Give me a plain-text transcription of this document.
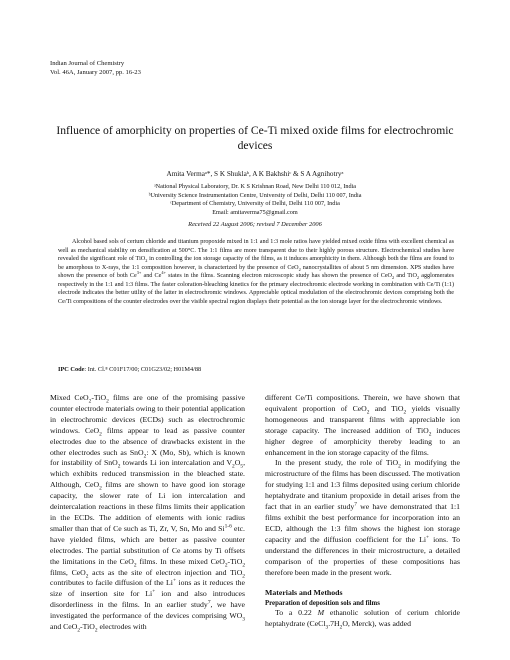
Indian Journal of Chemistry
Vol. 46A, January 2007, pp. 16-23
Influence of amorphicity on properties of Ce-Ti mixed oxide films for electrochromic devices
Amita Vermaᵃ*, S K Shuklaᵇ, A K Bakhshiᶜ & S A Agnihotryᵃ
ᵃNational Physical Laboratory, Dr. K S Krishnan Road, New Delhi 110 012, India
ᵇUniversity Science Instrumentation Centre, University of Delhi, Delhi 110 007, India
ᶜDepartment of Chemistry, University of Delhi, Delhi 110 007, India
Email: amitaverma75@gmail.com
Received 22 August 2006; revised 7 December 2006

Alcohol based sols of cerium chloride and titanium propoxide mixed in 1:1 and 1:3 mole ratios have yielded mixed oxide films with excellent chemical as well as mechanical stability on densification at 500°C. The 1:1 films are more transparent due to their highly porous structure. Electrochemical studies have revealed the significant role of TiO$_2$ in controlling the ion storage capacity of the films, as it induces amorphicity in them. Although both the films are found to be amorphous to X-rays, the 1:1 composition however, is characterized by the presence of CeO$_2$ nanocrystallites of about 5 nm dimension. XPS studies have shown the presence of both $Ce^{3+}$ and $Ce^{4+}$ states in the films. Scanning electron microscopic study has shown the presence of CeO$_2$ and TiO$_2$ agglomerates respectively in the 1:1 and 1:3 films. The faster coloration-bleaching kinetics for the primary electrochromic electrode working in combination with Ce/Ti (1:1) electrode indicates the better utility of the latter in electrochromic windows. Appreciable optical modulation of the electrochromic devices comprising both the Ce/Ti compositions of the counter electrodes over the visible spectral region displays their potential as the ion storage layer for the electrochromic windows.

IPC Code: Int. Cl.⁸ C01F17/00; C01G23/02; H01M4/88

Mixed CeO$_2$-TiO$_2$ films are one of the promising passive counter electrode materials owing to their potential application in electrochromic devices (ECDs) such as electrochromic windows. CeO$_2$ films appear to lead as passive counter electrodes due to the absence of drawbacks existent in the other electrodes such as SnO$_2$: X (Mo, Sb), which is known for instability of SnO$_2$ towards Li ion intercalation and $V_2O_5$, which exhibits reduced transmission in the bleached state. Although, CeO$_2$ films are shown to have good ion storage capacity, the slower rate of Li ion intercalation and deintercalation reactions in these films limits their application in the ECDs. The addition of elements with ionic radius smaller than that of Ce such as Ti, Zr, V, Sn, Mo and Si$^{1-6}$ etc. have yielded films, which are better as passive counter electrodes. The partial substitution of Ce atoms by Ti offsets the limitations in the CeO$_2$ films. In these mixed CeO$_2$-TiO$_2$ films, CeO$_2$ acts as the site of electron injection and TiO$_2$ contributes to facile diffusion of the Li+ ions as it reduces the size of insertion site for Li+ ion and also introduces disorderliness in the films. In an earlier study$^7$, we have investigated the performance of the devices comprising $WO_3$ and CeO$_2$-TiO$_2$ electrodes with

different Ce/Ti compositions. Therein, we have shown that equivalent proportion of CeO$_2$ and TiO$_2$ yields visually homogeneous and transparent films with appreciable ion storage capacity. The increased addition of TiO$_2$ induces higher degree of amorphicity thereby leading to an enhancement in the ion storage capacity of the films.

In the present study, the role of TiO$_2$ in modifying the microstructure of the films has been discussed. The motivation for studying 1:1 and 1:3 films deposited using cerium chloride heptahydrate and titanium propoxide in detail arises from the fact that in an earlier study$^7$ we have demonstrated that 1:1 films exhibit the best performance for incorporation into an ECD, although the 1:3 film shows the highest ion storage capacity and the diffusion coefficient for the Li+ ions. To understand the differences in their microstructure, a detailed comparison of the properties of these compositions has therefore been made in the present work.

Materials and Methods

Preparation of deposition sols and films

To a 0.22 M ethanolic solution of cerium chloride heptahydrate ($CeCl_3.7H_2O$, Merck), was added
